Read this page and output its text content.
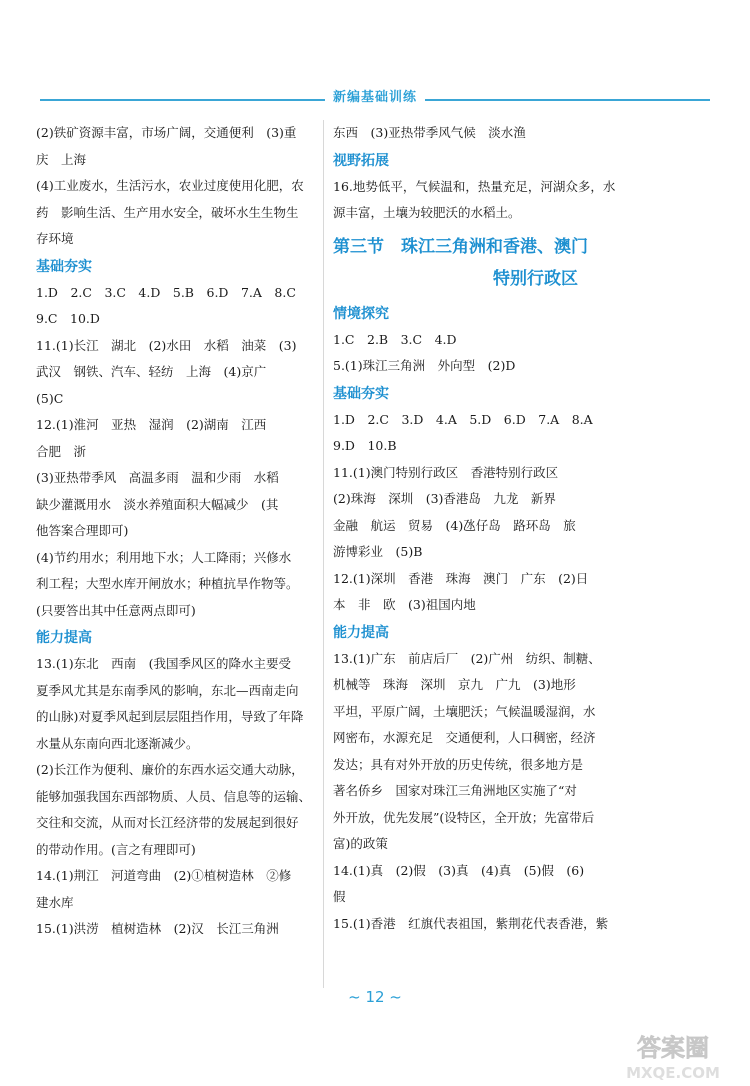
新编基础训练
(2)铁矿资源丰富，市场广阔，交通便利　(3)重
庆　上海
(4)工业废水，生活污水，农业过度使用化肥，农
药　影响生活、生产用水安全，破坏水生生物生
存环境
基础夯实
1.D　2.C　3.C　4.D　5.B　6.D　7.A　8.C
9.C　10.D
11.(1)长江　湖北　(2)水田　水稻　油菜　(3)
武汉　钢铁、汽车、轻纺　上海　(4)京广
(5)C
12.(1)淮河　亚热　湿润　(2)湖南　江西
合肥　浙
(3)亚热带季风　高温多雨　温和少雨　水稻
缺少灌溉用水　淡水养殖面积大幅减少　(其
他答案合理即可)
(4)节约用水；利用地下水；人工降雨；兴修水
利工程；大型水库开闸放水；种植抗旱作物等。
(只要答出其中任意两点即可)
能力提高
13.(1)东北　西南　(我国季风区的降水主要受
夏季风尤其是东南季风的影响，东北—西南走向
的山脉)对夏季风起到层层阻挡作用，导致了年降
水量从东南向西北逐渐减少。
(2)长江作为便利、廉价的东西水运交通大动脉，
能够加强我国东西部物质、人员、信息等的运输、
交往和交流，从而对长江经济带的发展起到很好
的带动作用。(言之有理即可)
14.(1)荆江　河道弯曲　(2)①植树造林　②修
建水库
15.(1)洪涝　植树造林　(2)汉　长江三角洲
东西　(3)亚热带季风气候　淡水渔
视野拓展
16.地势低平，气候温和，热量充足，河湖众多，水
源丰富，土壤为较肥沃的水稻土。
第三节　珠江三角洲和香港、澳门
特别行政区
情境探究
1.C　2.B　3.C　4.D
5.(1)珠江三角洲　外向型　(2)D
基础夯实
1.D　2.C　3.D　4.A　5.D　6.D　7.A　8.A
9.D　10.B
11.(1)澳门特别行政区　香港特别行政区
(2)珠海　深圳　(3)香港岛　九龙　新界
金融　航运　贸易　(4)氹仔岛　路环岛　旅
游博彩业　(5)B
12.(1)深圳　香港　珠海　澳门　广东　(2)日
本　非　欧　(3)祖国内地
能力提高
13.(1)广东　前店后厂　(2)广州　纺织、制糖、
机械等　珠海　深圳　京九　广九　(3)地形
平坦，平原广阔，土壤肥沃；气候温暖湿润，水
网密布，水源充足　交通便利，人口稠密，经济
发达；具有对外开放的历史传统，很多地方是
著名侨乡　国家对珠江三角洲地区实施了“对
外开放，优先发展”(设特区，全开放；先富带后
富)的政策
14.(1)真　(2)假　(3)真　(4)真　(5)假　(6)
假
15.(1)香港　红旗代表祖国，紫荆花代表香港，紫
~ 12 ~
答案圈
MXQE.COM
